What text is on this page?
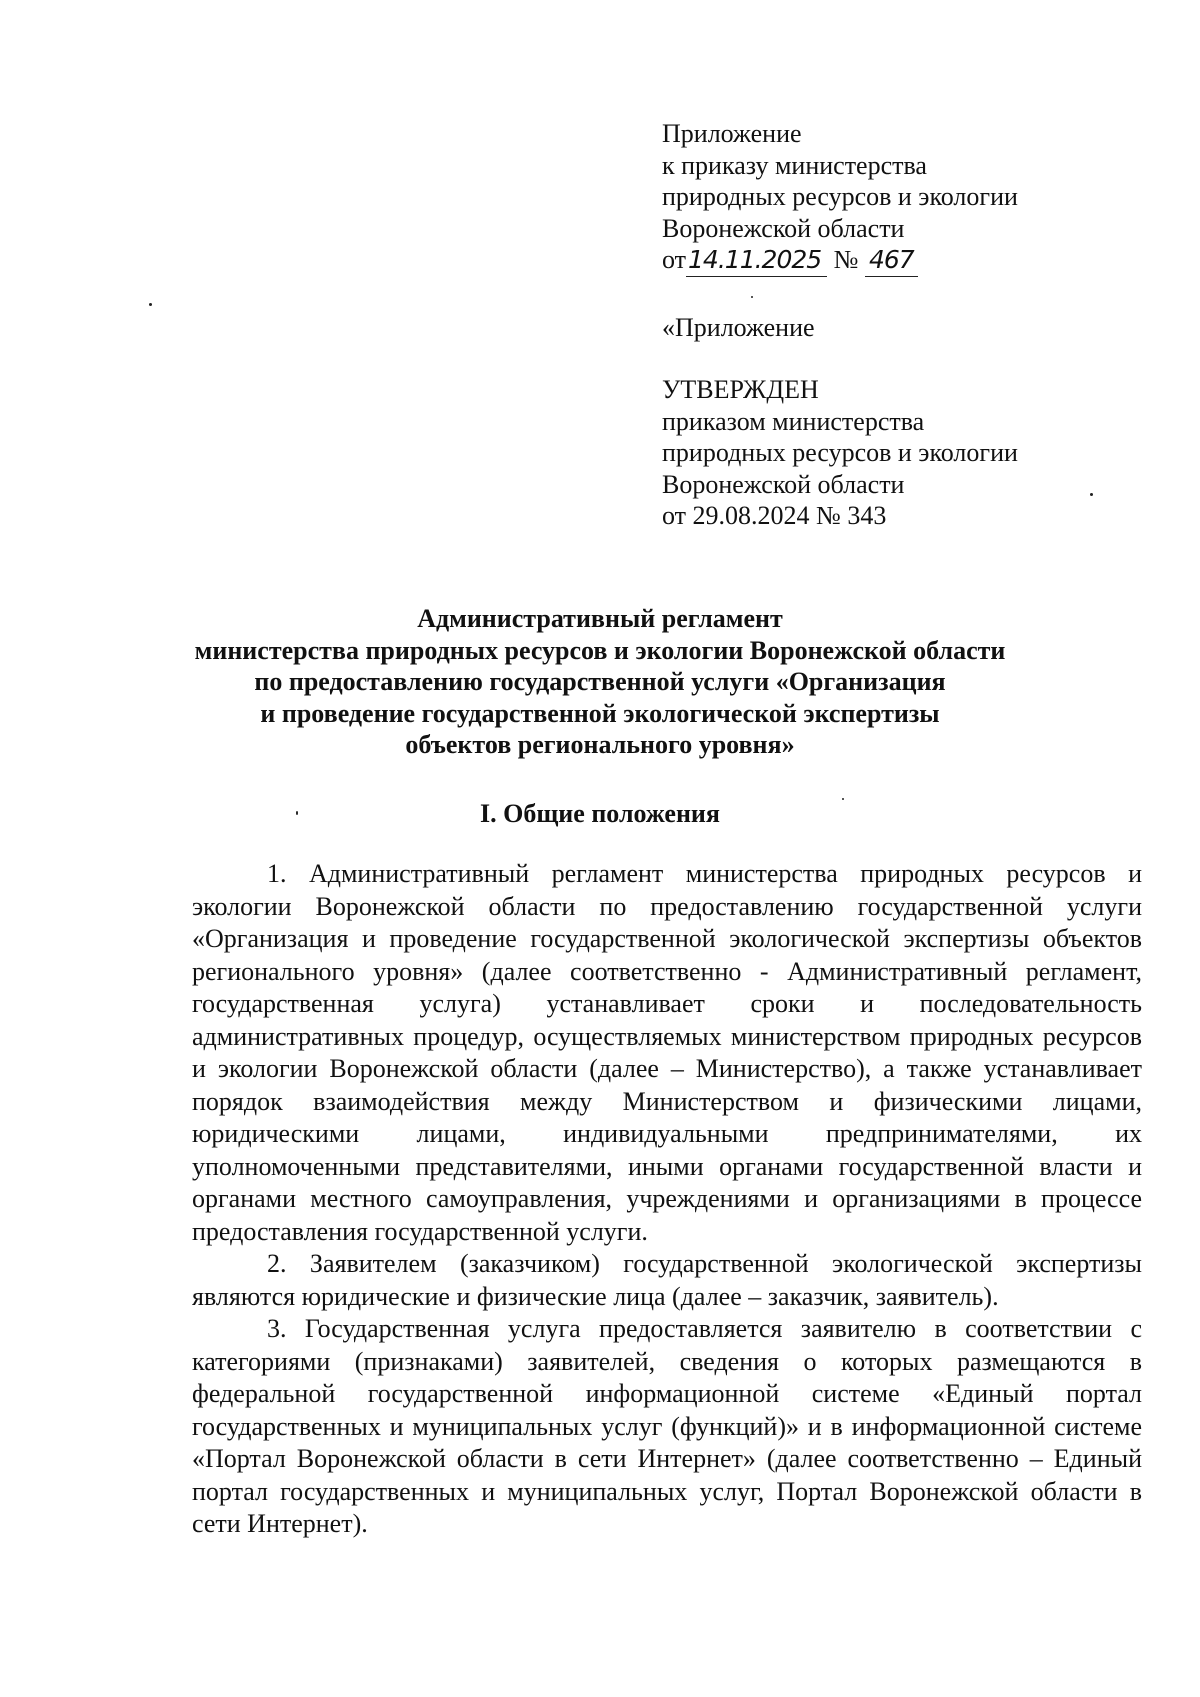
Приложение
к приказу министерства
природных ресурсов и экологии
Воронежской области
от14.11.2025 № 467
«Приложение
УТВЕРЖДЕН
приказом министерства
природных ресурсов и экологии
Воронежской области
от 29.08.2024 № 343
Административный регламент
министерства природных ресурсов и экологии Воронежской области
по предоставлению государственной услуги «Организация
и проведение государственной экологической экспертизы
объектов регионального уровня»
I. Общие положения

1. Административный регламент министерства природных ресурсов и экологии Воронежской области по предоставлению государственной услуги «Организация и проведение государственной экологической экспертизы объектов регионального уровня» (далее соответственно - Административный регламент, государственная услуга) устанавливает сроки и последовательность административных процедур, осуществляемых министерством природных ресурсов и экологии Воронежской области (далее – Министерство), а также устанавливает порядок взаимодействия между Министерством и физическими лицами, юридическими лицами, индивидуальными предпринимателями, их уполномоченными представителями, иными органами государственной власти и органами местного самоуправления, учреждениями и организациями в процессе предоставления государственной услуги.

2. Заявителем (заказчиком) государственной экологической экспертизы являются юридические и физические лица (далее – заказчик, заявитель).

3. Государственная услуга предоставляется заявителю в соответствии с категориями (признаками) заявителей, сведения о которых размещаются в федеральной государственной информационной системе «Единый портал государственных и муниципальных услуг (функций)» и в информационной системе «Портал Воронежской области в сети Интернет» (далее соответственно – Единый портал государственных и муниципальных услуг, Портал Воронежской области в сети Интернет).
